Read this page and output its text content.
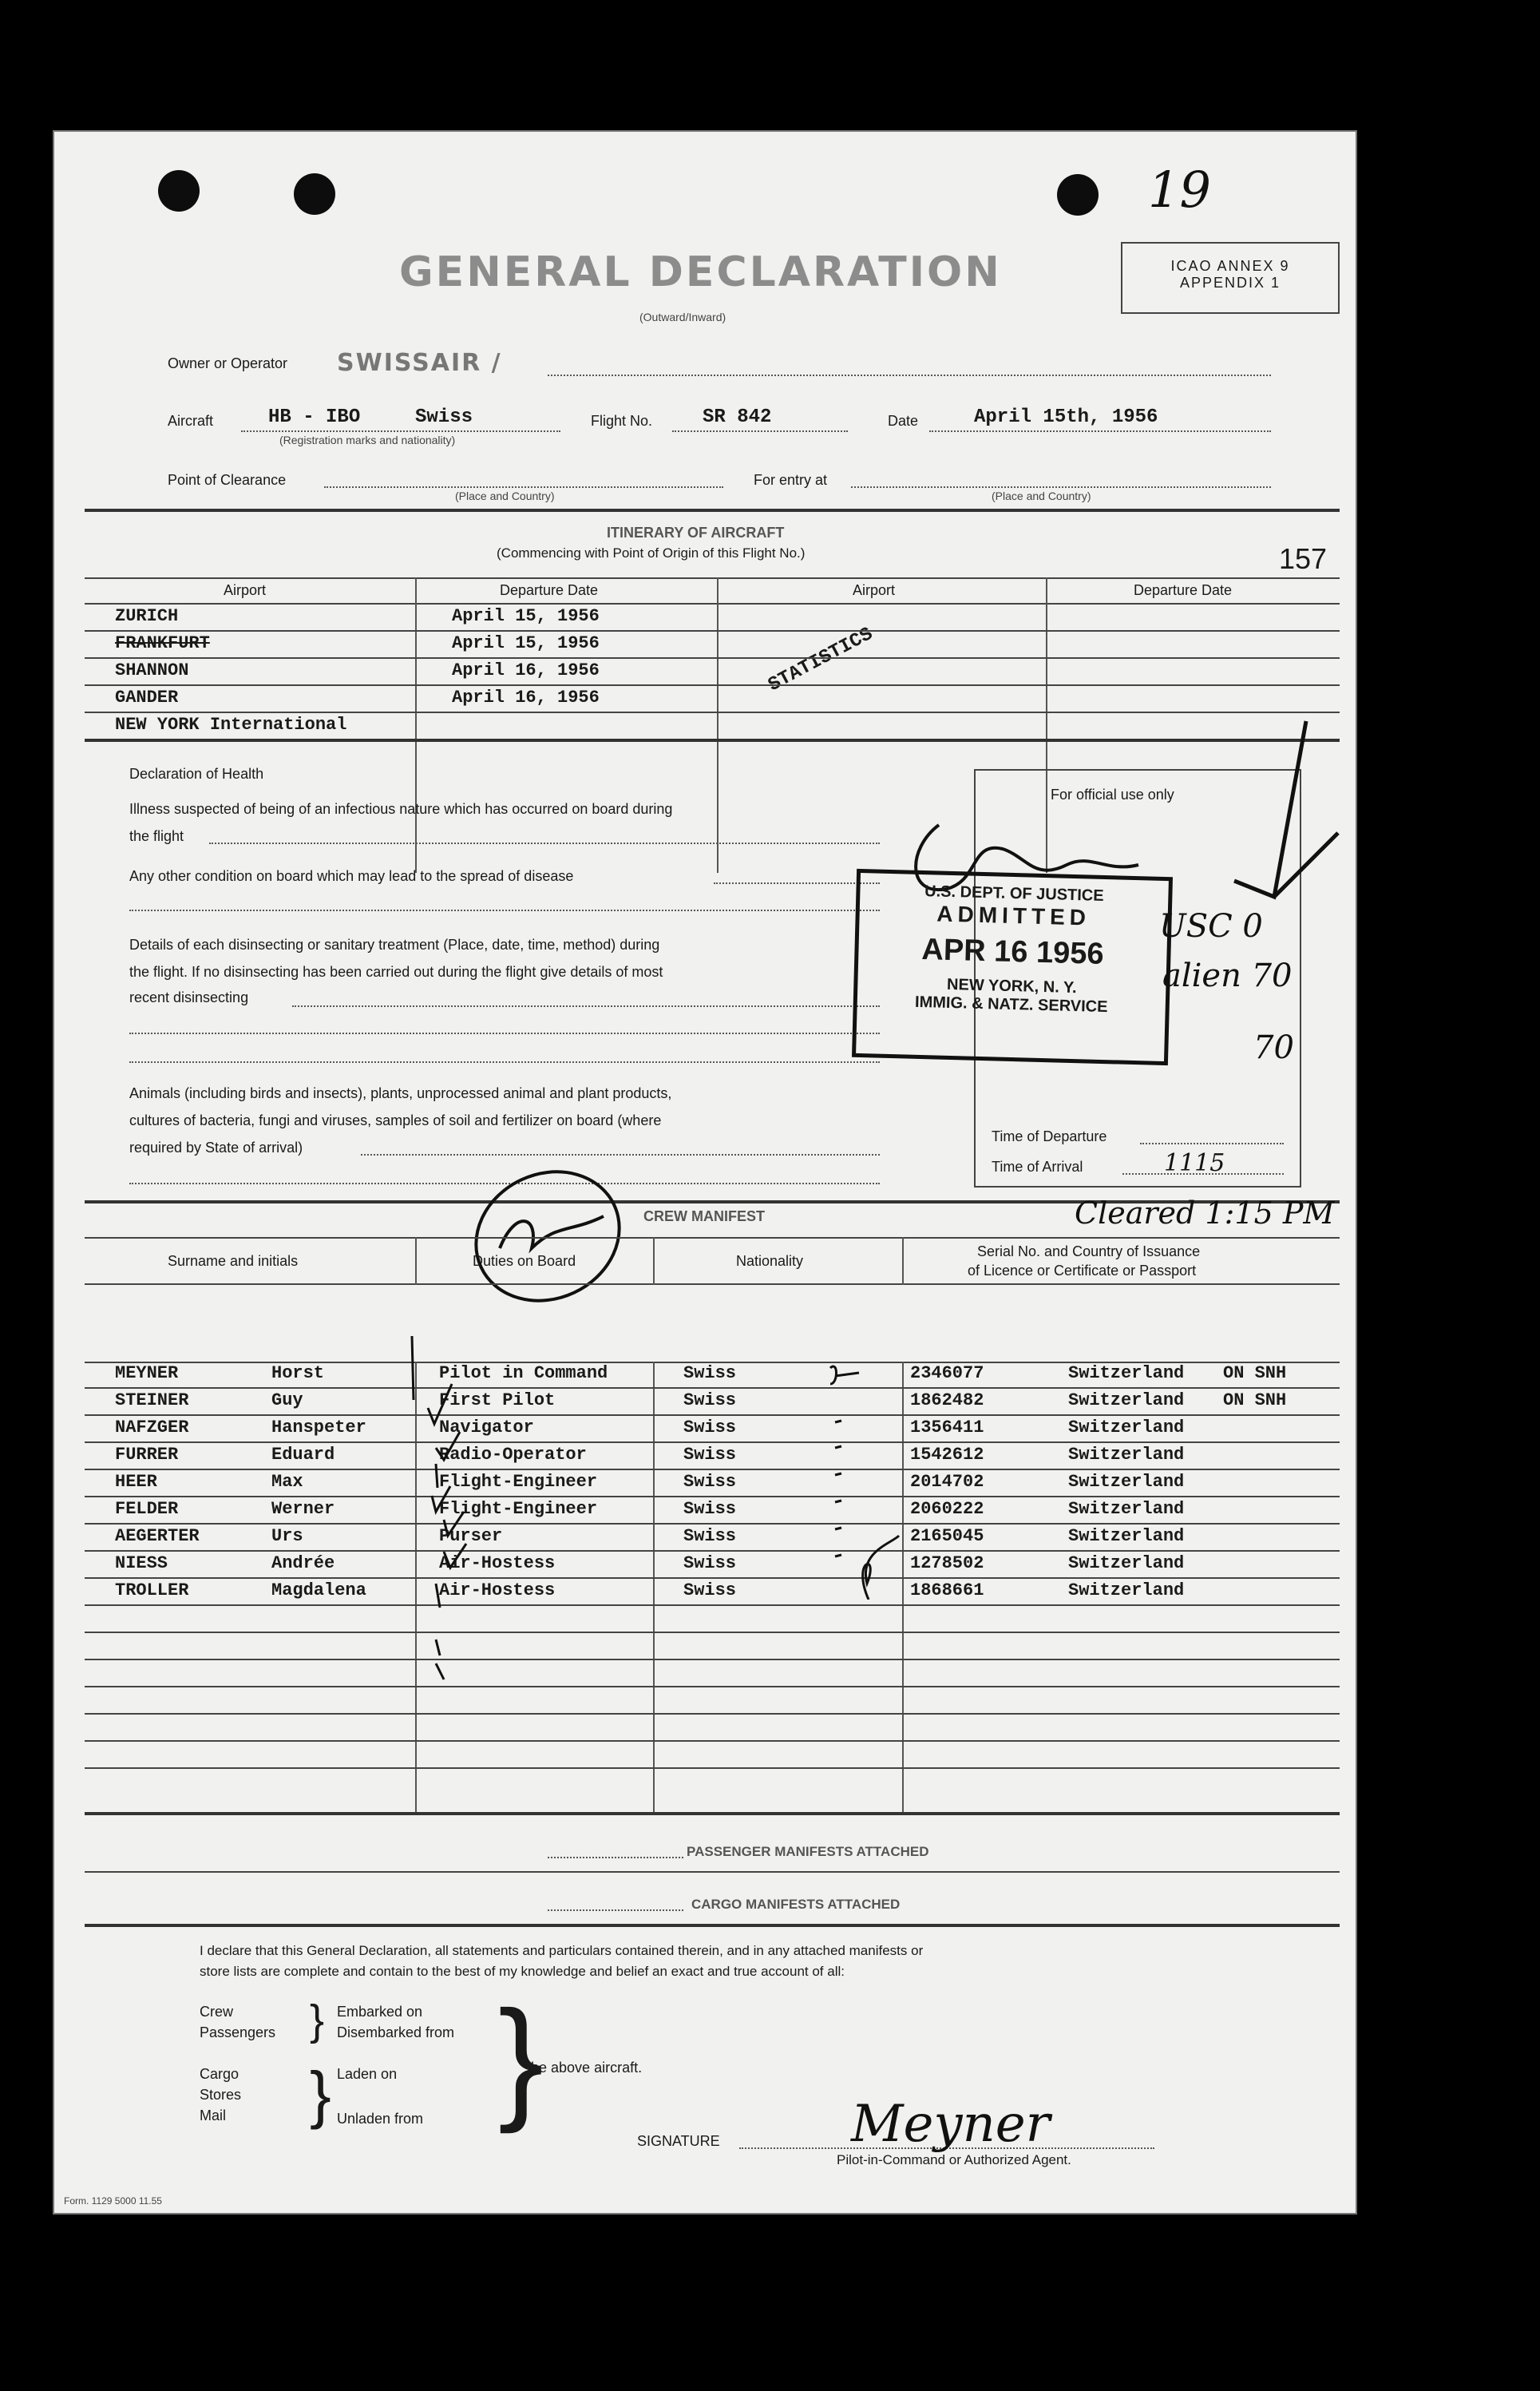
19
GENERAL DECLARATION
(Outward/Inward)
ICAO ANNEX 9
APPENDIX 1
Owner or Operator SWISSAIR /
Aircraft	HB - IBO	Swiss
(Registration marks and nationality)
Flight No.	SR 842	Date	April 15th, 1956
Point of Clearance
(Place and Country)
For entry at
(Place and Country)
ITINERARY OF AIRCRAFT
(Commencing with Point of Origin of this Flight No.)	157
Airport	Departure Date	Airport	Departure Date
ZURICH	April 15, 1956
FRANKFURT	April 15, 1956
SHANNON	April 16, 1956
GANDER	April 16, 1956
NEW YORK International
STATISTICS
Declaration of Health
Illness suspected of being of an infectious nature which has occurred on board during
the flight
Any other condition on board which may lead to the spread of disease
Details of each disinsecting or sanitary treatment (Place, date, time, method) during
the flight. If no disinsecting has been carried out during the flight give details of most
recent disinsecting
Animals (including birds and insects), plants, unprocessed animal and plant products,
cultures of bacteria, fungi and viruses, samples of soil and fertilizer on board (where
required by State of arrival)
For official use only
Time of Departure
Time of Arrival	1115
USC 0
alien 70
70
U.S. DEPT. OF JUSTICE
ADMITTED
APR 16 1956
NEW YORK, N. Y.
IMMIG. & NATZ. SERVICE
CREW MANIFEST	Cleared 1:15 PM
Surname and initials	Duties on Board	Nationality
Serial No. and Country of Issuance
of Licence or Certificate or Passport
MEYNER	Horst	Pilot in Command	Swiss	2346077	Switzerland ON SNH
STEINER	Guy	First Pilot	Swiss	1862482	Switzerland ON SNH
NAFZGER	Hanspeter	Navigator	Swiss	1356411	Switzerland
FURRER	Eduard	Radio-Operator	Swiss	1542612	Switzerland
HEER	Max	Flight-Engineer	Swiss	2014702	Switzerland
FELDER	Werner	Flight-Engineer	Swiss	2060222	Switzerland
AEGERTER	Urs	Purser	Swiss	2165045	Switzerland
NIESS	Andrée	Air-Hostess	Swiss	1278502	Switzerland
TROLLER	Magdalena	Air-Hostess	Swiss	1868661	Switzerland
PASSENGER MANIFESTS ATTACHED
CARGO MANIFESTS ATTACHED
I declare that this General Declaration, all statements and particulars contained therein, and in any attached manifests or
store lists are complete and contain to the best of my knowledge and belief an exact and true account of all:
Crew
Passengers } Embarked on
Disembarked from
Cargo
Stores
Mail } Laden on
Unladen from }
the above aircraft.
SIGNATURE	Meyner
Pilot-in-Command or Authorized Agent.
Form. 1129 5000 11.55
